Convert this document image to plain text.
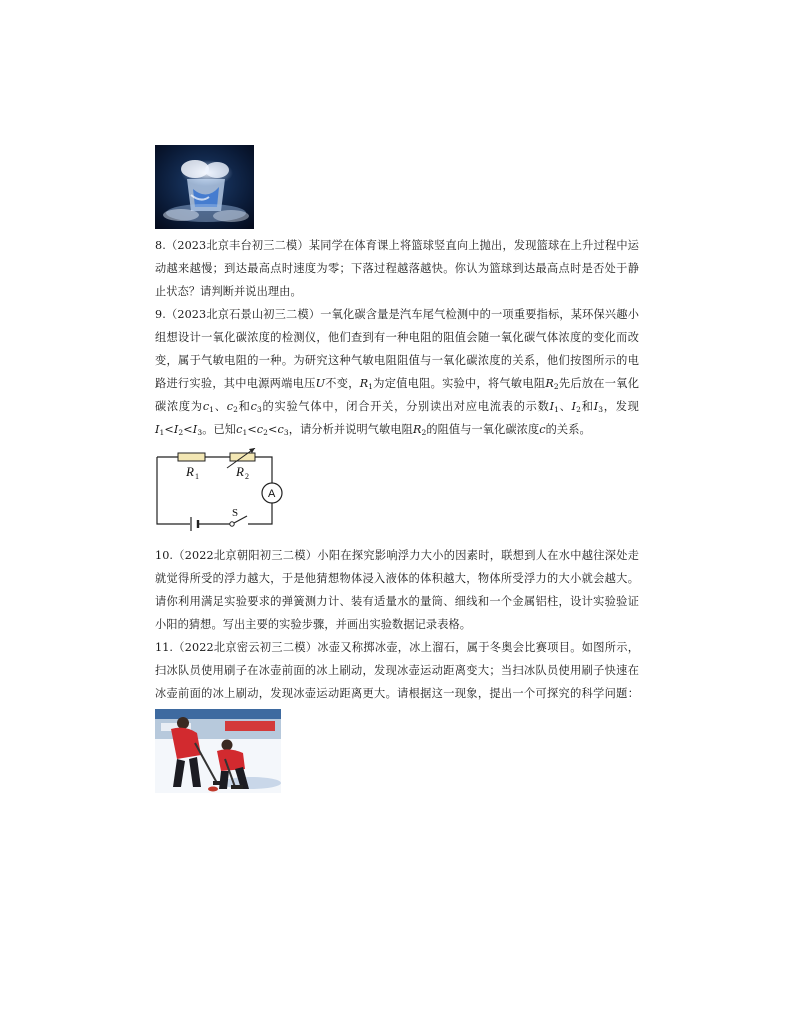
8.（2023北京丰台初三二模）某同学在体育课上将篮球竖直向上抛出，发现篮球在上升过程中运动越来越慢；到达最高点时速度为零；下落过程越落越快。你认为篮球到达最高点时是否处于静止状态？请判断并说出理由。

9.（2023北京石景山初三二模）一氧化碳含量是汽车尾气检测中的一项重要指标，某环保兴趣小组想设计一氧化碳浓度的检测仪，他们查到有一种电阻的阻值会随一氧化碳气体浓度的变化而改变，属于气敏电阻的一种。为研究这种气敏电阻阻值与一氧化碳浓度的关系，他们按图所示的电路进行实验，其中电源两端电压U不变，$R_1$为定值电阻。实验中，将气敏电阻$R_2$先后放在一氧化碳浓度为$c_1$、$c_2$和$c_3$的实验气体中，闭合开关，分别读出对应电流表的示数$I_1$、$I_2$和$I_3$，发现$I_1<I_2<I_3$。已知$c_1<c_2<c_3$，请分析并说明气敏电阻$R_2$的阻值与一氧化碳浓度c的关系。

R 1	R 2
A
S

10.（2022北京朝阳初三二模）小阳在探究影响浮力大小的因素时，联想到人在水中越往深处走就觉得所受的浮力越大，于是他猜想物体浸入液体的体积越大，物体所受浮力的大小就会越大。请你利用满足实验要求的弹簧测力计、装有适量水的量筒、细线和一个金属铝柱，设计实验验证小阳的猜想。写出主要的实验步骤，并画出实验数据记录表格。

11.（2022北京密云初三二模）冰壶又称掷冰壶，冰上溜石，属于冬奥会比赛项目。如图所示，扫冰队员使用刷子在冰壶前面的冰上刷动，发现冰壶运动距离变大；当扫冰队员使用刷子快速在冰壶前面的冰上刷动，发现冰壶运动距离更大。请根据这一现象，提出一个可探究的科学问题：
